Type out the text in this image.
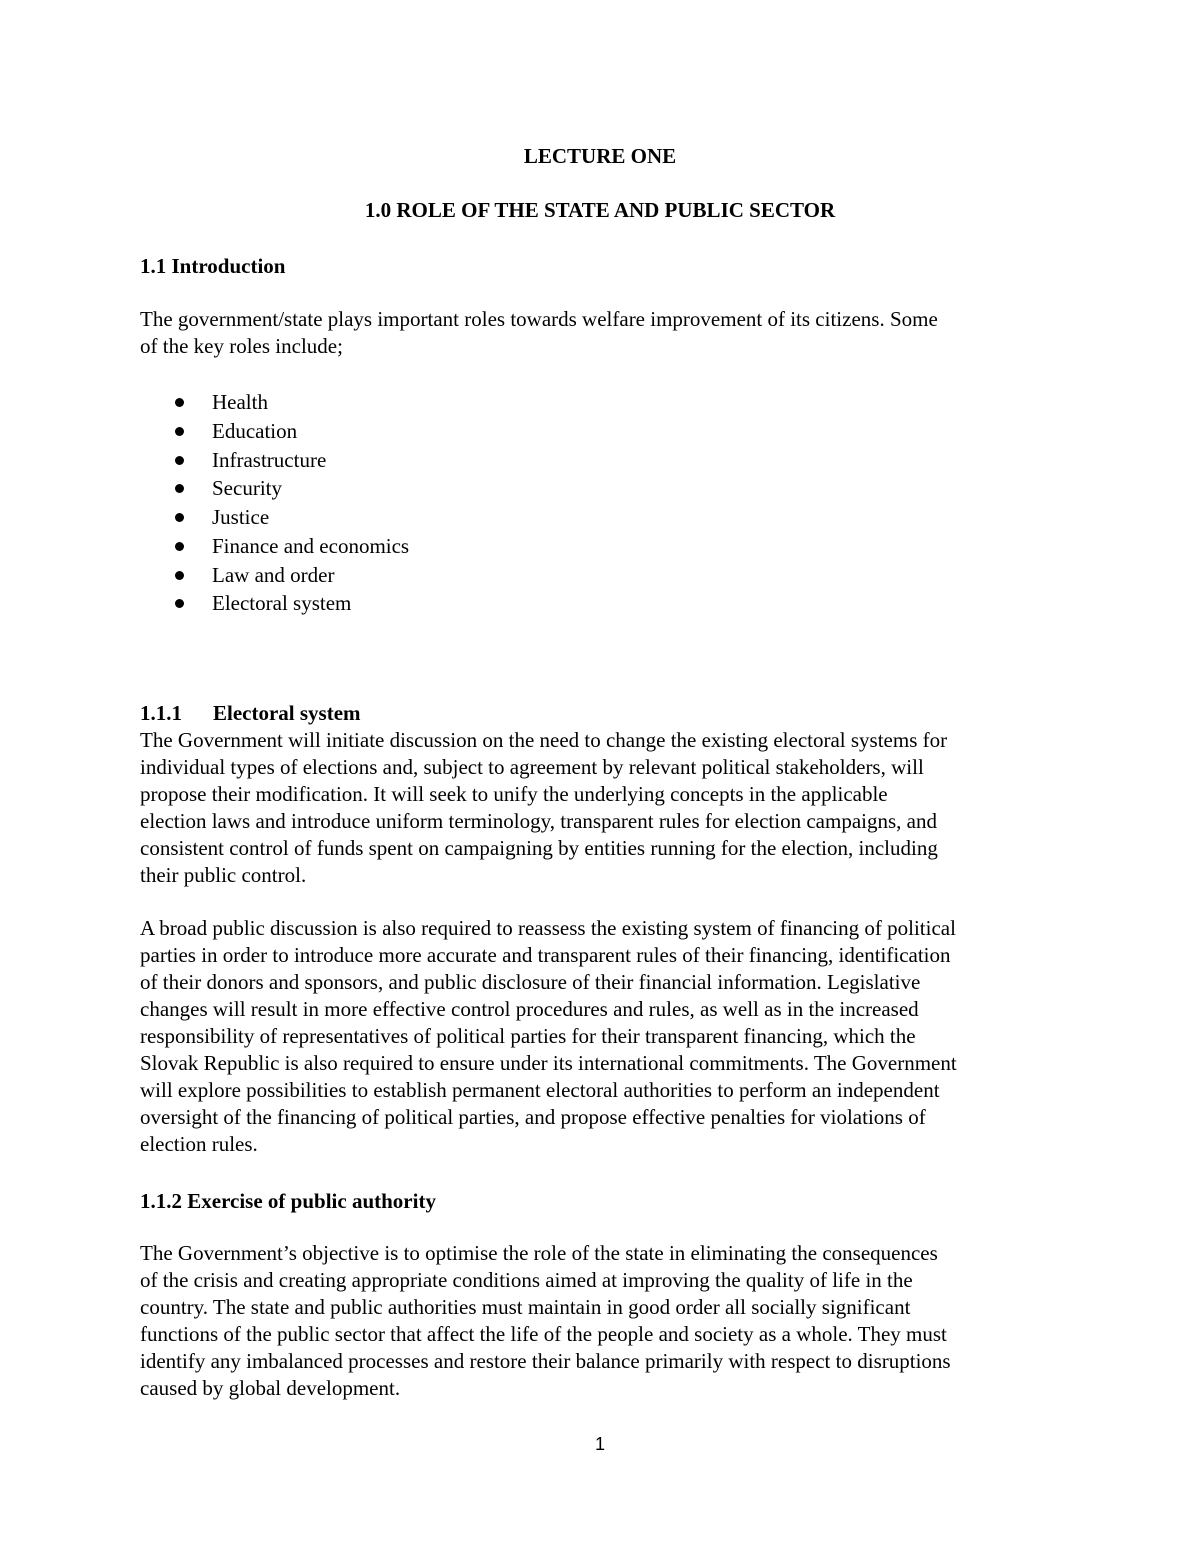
LECTURE ONE
1.0 ROLE OF THE STATE AND PUBLIC SECTOR
1.1 Introduction

The government/state plays important roles towards welfare improvement of its citizens. Some
of the key roles include;

Health
Education
Infrastructure
Security
Justice
Finance and economics
Law and order
Electoral system
1.1.1 Electoral system

The Government will initiate discussion on the need to change the existing electoral systems for
individual types of elections and, subject to agreement by relevant political stakeholders, will
propose their modification. It will seek to unify the underlying concepts in the applicable
election laws and introduce uniform terminology, transparent rules for election campaigns, and
consistent control of funds spent on campaigning by entities running for the election, including
their public control.

A broad public discussion is also required to reassess the existing system of financing of political
parties in order to introduce more accurate and transparent rules of their financing, identification
of their donors and sponsors, and public disclosure of their financial information. Legislative
changes will result in more effective control procedures and rules, as well as in the increased
responsibility of representatives of political parties for their transparent financing, which the
Slovak Republic is also required to ensure under its international commitments. The Government
will explore possibilities to establish permanent electoral authorities to perform an independent
oversight of the financing of political parties, and propose effective penalties for violations of
election rules.

1.1.2 Exercise of public authority

The Government’s objective is to optimise the role of the state in eliminating the consequences
of the crisis and creating appropriate conditions aimed at improving the quality of life in the
country. The state and public authorities must maintain in good order all socially significant
functions of the public sector that affect the life of the people and society as a whole. They must
identify any imbalanced processes and restore their balance primarily with respect to disruptions
caused by global development.

1
